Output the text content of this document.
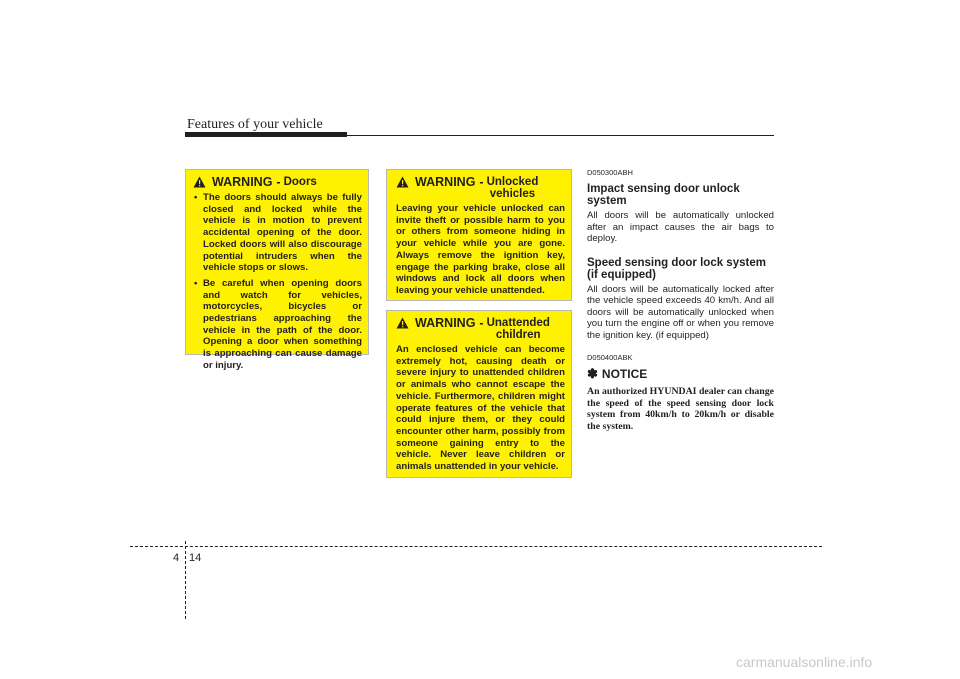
Features of your vehicle
WARNING - Doors
• The doors should always be fully closed and locked while the vehicle is in motion to prevent accidental opening of the door. Locked doors will also discourage potential intruders when the vehicle stops or slows.
• Be careful when opening doors and watch for vehicles, motorcycles, bicycles or pedestrians approaching the vehicle in the path of the door. Opening a door when something is approaching can cause damage or injury.
WARNING - Unlocked
vehicles
Leaving your vehicle unlocked can invite theft or possible harm to you or others from someone hiding in your vehicle while you are gone. Always remove the ignition key, engage the parking brake, close all windows and lock all doors when leaving your vehicle unattended.
WARNING - Unattended
children
An enclosed vehicle can become extremely hot, causing death or severe injury to unattended children or animals who cannot escape the vehicle. Furthermore, children might operate features of the vehicle that could injure them, or they could encounter other harm, possibly from someone gaining entry to the vehicle. Never leave children or animals unattended in your vehicle.
D050300ABH
Impact sensing door unlock system
All doors will be automatically unlocked after an impact causes the air bags to deploy.
Speed sensing door lock system (if equipped)
All doors will be automatically locked after the vehicle speed exceeds 40 km/h. And all doors will be automatically unlocked when you turn the engine off or when you remove the ignition key. (if equipped)
D050400ABK
✽ NOTICE
An authorized HYUNDAI dealer can change the speed of the speed sensing door lock system from 40km/h to 20km/h or disable the system.
4 14
carmanualsonline.info
